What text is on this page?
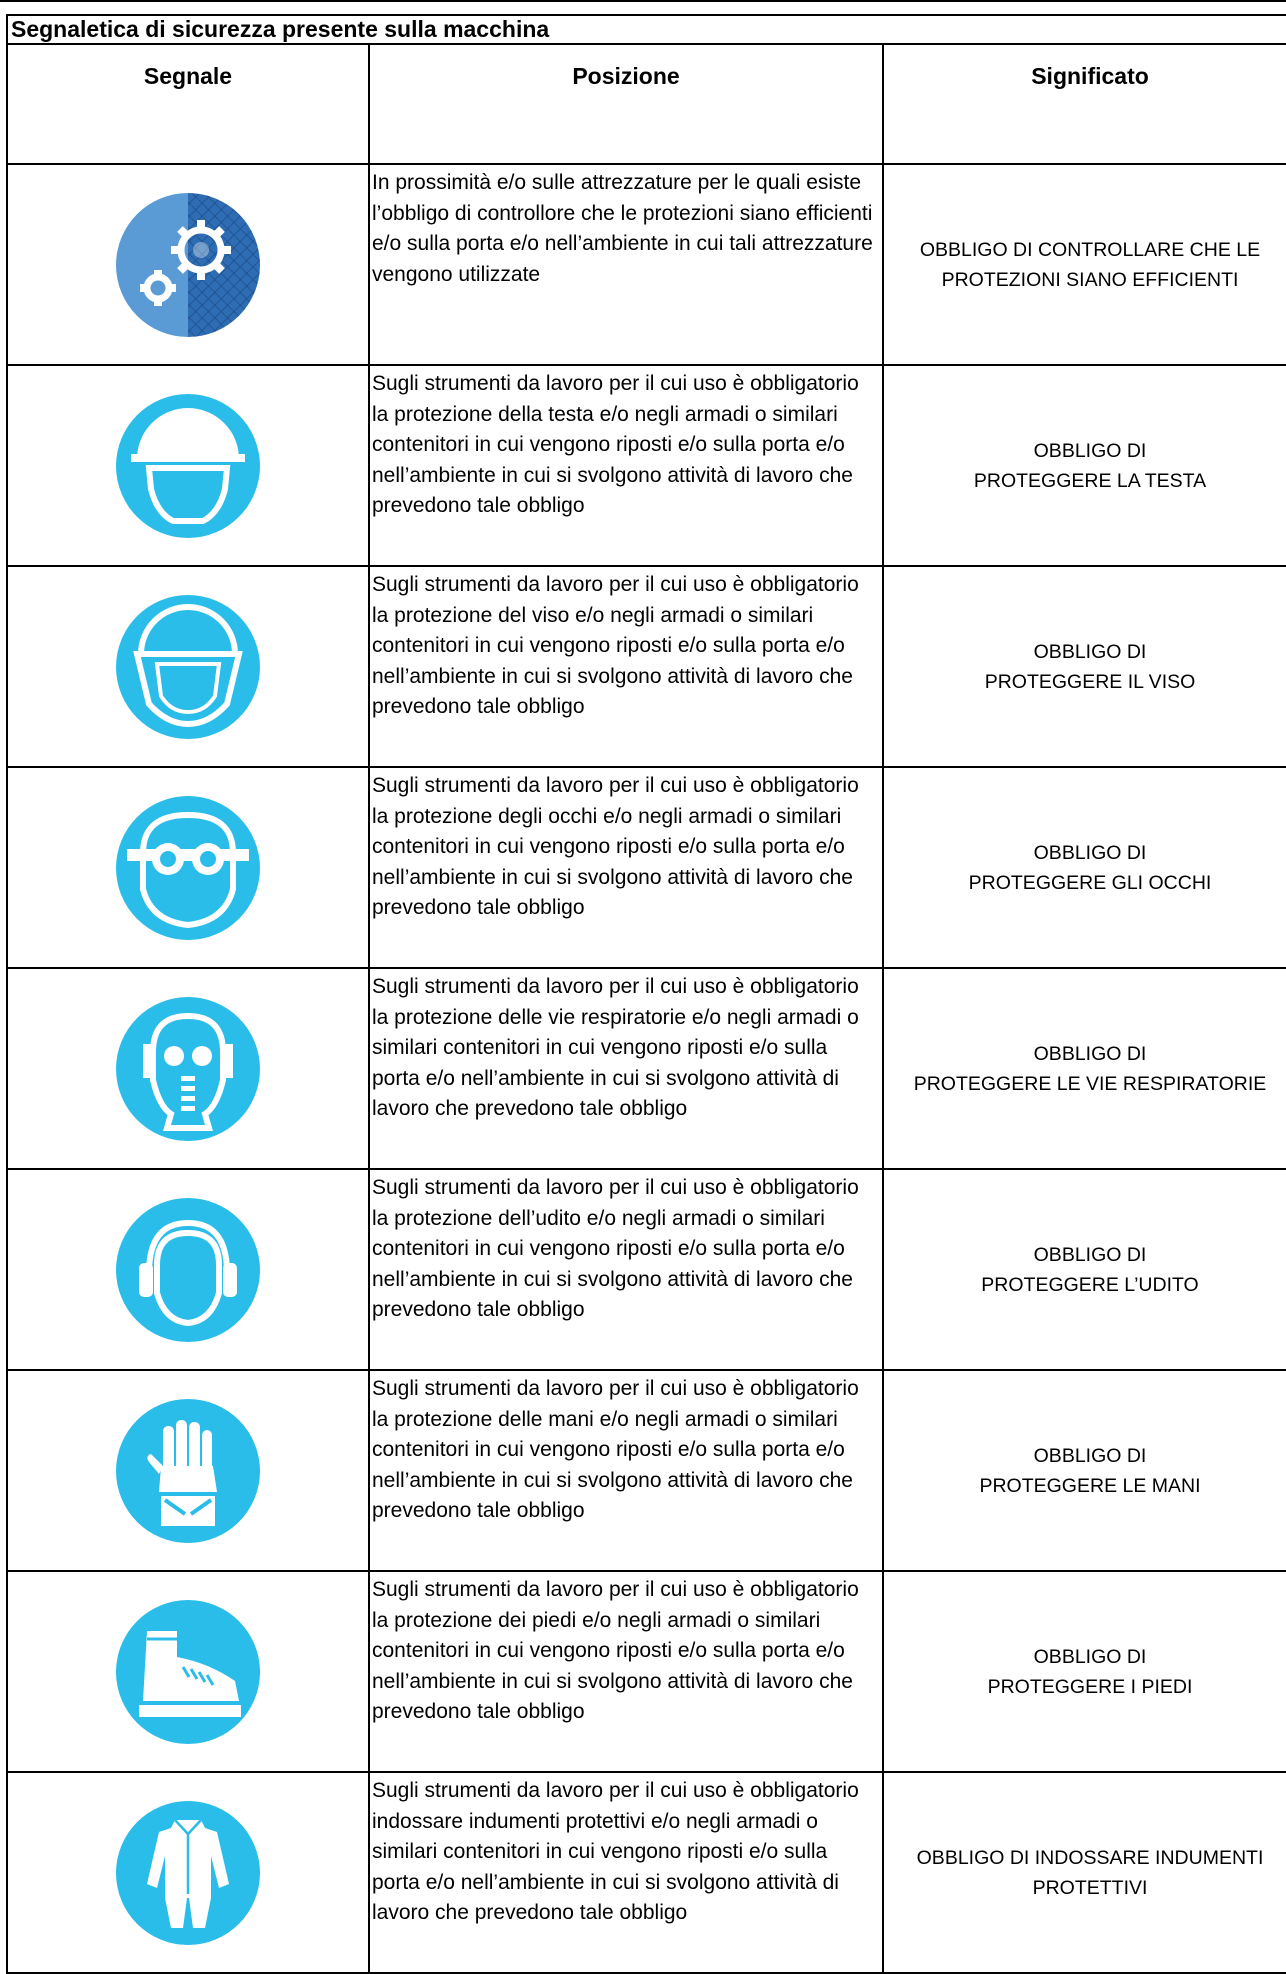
Segnaletica di sicurezza presente sulla macchina		
Segnale	Posizione	Significato

	In prossimità e/o sulle attrezzature per le quali esiste l’obbligo di controllore che le protezioni siano efficienti e/o sulla porta e/o nell’ambiente in cui tali attrezzature vengono utilizzate	OBBLIGO DI CONTROLLARE CHE LE
PROTEZIONI SIANO EFFICIENTI

	Sugli strumenti da lavoro per il cui uso è obbligatorio la protezione della testa e/o negli armadi o similari contenitori in cui vengono riposti e/o sulla porta e/o nell’ambiente in cui si svolgono attività di lavoro che prevedono tale obbligo	OBBLIGO DI
PROTEGGERE LA TESTA

	Sugli strumenti da lavoro per il cui uso è obbligatorio la protezione del viso e/o negli armadi o similari contenitori in cui vengono riposti e/o sulla porta e/o nell’ambiente in cui si svolgono attività di lavoro che prevedono tale obbligo	OBBLIGO DI
PROTEGGERE IL VISO

	Sugli strumenti da lavoro per il cui uso è obbligatorio la protezione degli occhi e/o negli armadi o similari contenitori in cui vengono riposti e/o sulla porta e/o nell’ambiente in cui si svolgono attività di lavoro che prevedono tale obbligo	OBBLIGO DI
PROTEGGERE GLI OCCHI

	Sugli strumenti da lavoro per il cui uso è obbligatorio la protezione delle vie respiratorie e/o negli armadi o similari contenitori in cui vengono riposti e/o sulla porta e/o nell’ambiente in cui si svolgono attività di lavoro che prevedono tale obbligo	OBBLIGO DI
PROTEGGERE LE VIE RESPIRATORIE

	Sugli strumenti da lavoro per il cui uso è obbligatorio la protezione dell’udito e/o negli armadi o similari contenitori in cui vengono riposti e/o sulla porta e/o nell’ambiente in cui si svolgono attività di lavoro che prevedono tale obbligo	OBBLIGO DI
PROTEGGERE L’UDITO

	Sugli strumenti da lavoro per il cui uso è obbligatorio la protezione delle mani e/o negli armadi o similari contenitori in cui vengono riposti e/o sulla porta e/o nell’ambiente in cui si svolgono attività di lavoro che prevedono tale obbligo	OBBLIGO DI
PROTEGGERE LE MANI

	Sugli strumenti da lavoro per il cui uso è obbligatorio la protezione dei piedi e/o negli armadi o similari contenitori in cui vengono riposti e/o sulla porta e/o nell’ambiente in cui si svolgono attività di lavoro che prevedono tale obbligo	OBBLIGO DI
PROTEGGERE I PIEDI

	Sugli strumenti da lavoro per il cui uso è obbligatorio indossare indumenti protettivi e/o negli armadi o similari contenitori in cui vengono riposti e/o sulla porta e/o nell’ambiente in cui si svolgono attività di lavoro che prevedono tale obbligo	OBBLIGO DI INDOSSARE INDUMENTI
PROTETTIVI
